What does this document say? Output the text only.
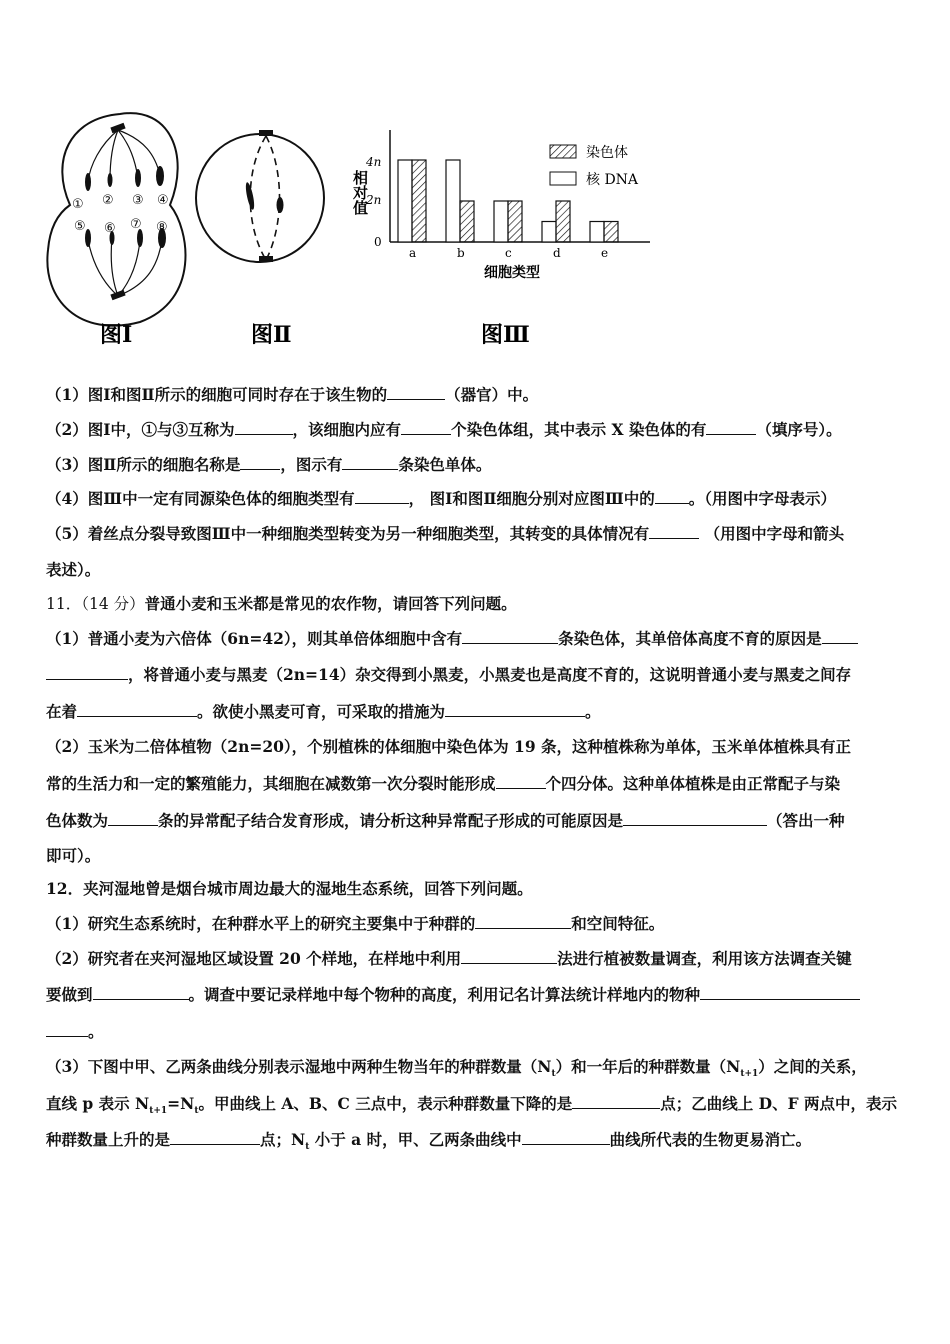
① ② ③ ④
⑤ ⑥ ⑦ ⑧
图Ⅰ	图Ⅱ
相对值
4n
2n
0
a	b	c	d	e
细胞类型
染色体
核 DNA
图Ⅲ
（1）图Ⅰ和图Ⅱ所示的细胞可同时存在于该生物的	（器官）中。
（2）图Ⅰ中，①与③互称为	，该细胞内应有	个染色体组，其中表示 X 染色体的有	（填序号）。
（3）图Ⅱ所示的细胞名称是	，图示有	条染色单体。
（4）图Ⅲ中一定有同源染色体的细胞类型有	， 图Ⅰ和图Ⅱ细胞分别对应图Ⅲ中的 。（用图中字母表示）
（5）着丝点分裂导致图Ⅲ中一种细胞类型转变为另一种细胞类型，其转变的具体情况有	（用图中字母和箭头
表述）。
11．（14 分）普通小麦和玉米都是常见的农作物，请回答下列问题。
（1）普通小麦为六倍体（6n=42），则其单倍体细胞中含有	条染色体，其单倍体高度不育的原因是
，将普通小麦与黑麦（2n=14）杂交得到小黑麦，小黑麦也是高度不育的，这说明普通小麦与黑麦之间存
在着	。欲使小黑麦可育，可采取的措施为	。
（2）玉米为二倍体植物（2n=20），个别植株的体细胞中染色体为 19 条，这种植株称为单体，玉米单体植株具有正
常的生活力和一定的繁殖能力，其细胞在减数第一次分裂时能形成	个四分体。这种单体植株是由正常配子与染
色体数为	条的异常配子结合发育形成，请分析这种异常配子形成的可能原因是	（答出一种
即可）。
12．夹河湿地曾是烟台城市周边最大的湿地生态系统，回答下列问题。
（1）研究生态系统时，在种群水平上的研究主要集中于种群的	和空间特征。
（2）研究者在夹河湿地区域设置 20 个样地，在样地中利用	法进行植被数量调查，利用该方法调查关键
要做到	。调查中要记录样地中每个物种的高度，利用记名计算法统计样地内的物种
。
（3）下图中甲、乙两条曲线分别表示湿地中两种生物当年的种群数量$(N_t)$和一年后的种群数量$(N_{t+1})$之间的关系，
直线 p 表示 $N_{t+1}=N_t$。甲曲线上 A、B、C 三点中，表示种群数量下降的是	点；乙曲线上 D、F 两点中，表示
种群数量上升的是	点；$N_t$ 小于 a 时，甲、乙两条曲线中	曲线所代表的生物更易消亡。
